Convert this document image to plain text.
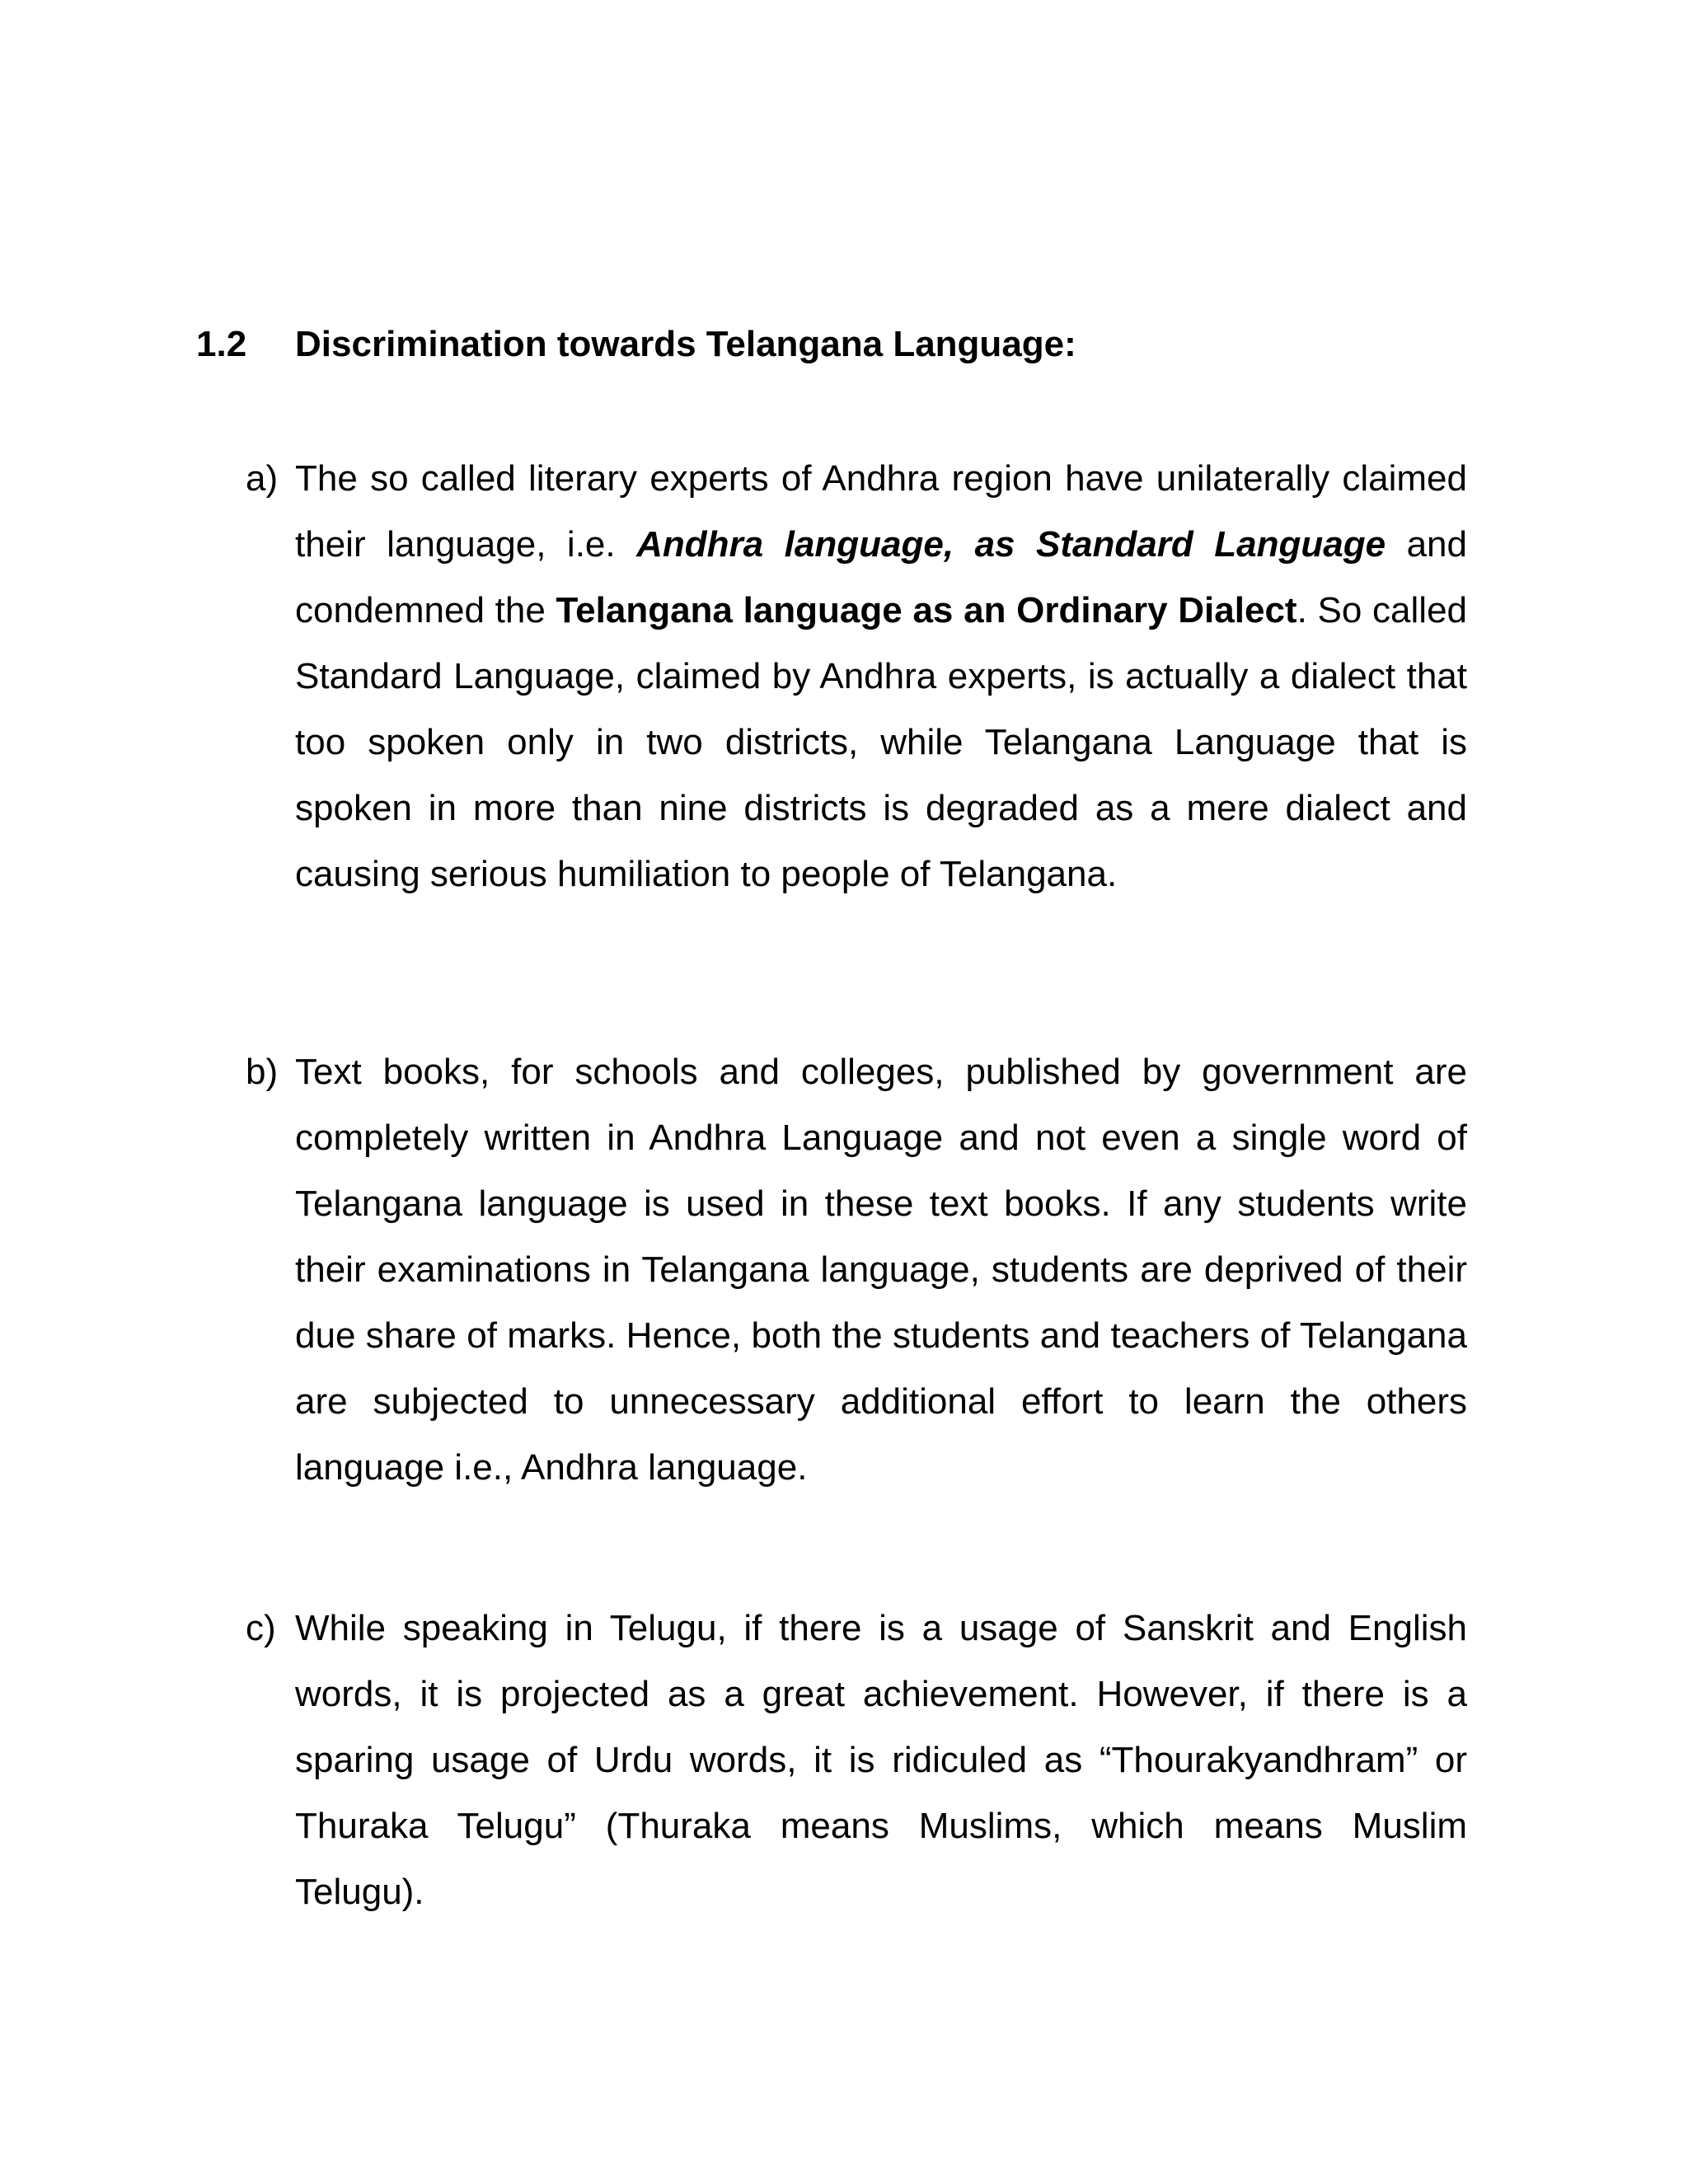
1.2 Discrimination towards Telangana Language:
a) The so called literary experts of Andhra region have unilaterally claimed their language, i.e. Andhra language, as Standard Language and condemned the Telangana language as an Ordinary Dialect. So called Standard Language, claimed by Andhra experts, is actually a dialect that too spoken only in two districts, while Telangana Language that is spoken in more than nine districts is degraded as a mere dialect and causing serious humiliation to people of Telangana.
b) Text books, for schools and colleges, published by government are completely written in Andhra Language and not even a single word of Telangana language is used in these text books. If any students write their examinations in Telangana language, students are deprived of their due share of marks. Hence, both the students and teachers of Telangana are subjected to unnecessary additional effort to learn the others language i.e., Andhra language.
c) While speaking in Telugu, if there is a usage of Sanskrit and English words, it is projected as a great achievement. However, if there is a sparing usage of Urdu words, it is ridiculed as “Thourakyandhram” or Thuraka Telugu” (Thuraka means Muslims, which means Muslim Telugu).
